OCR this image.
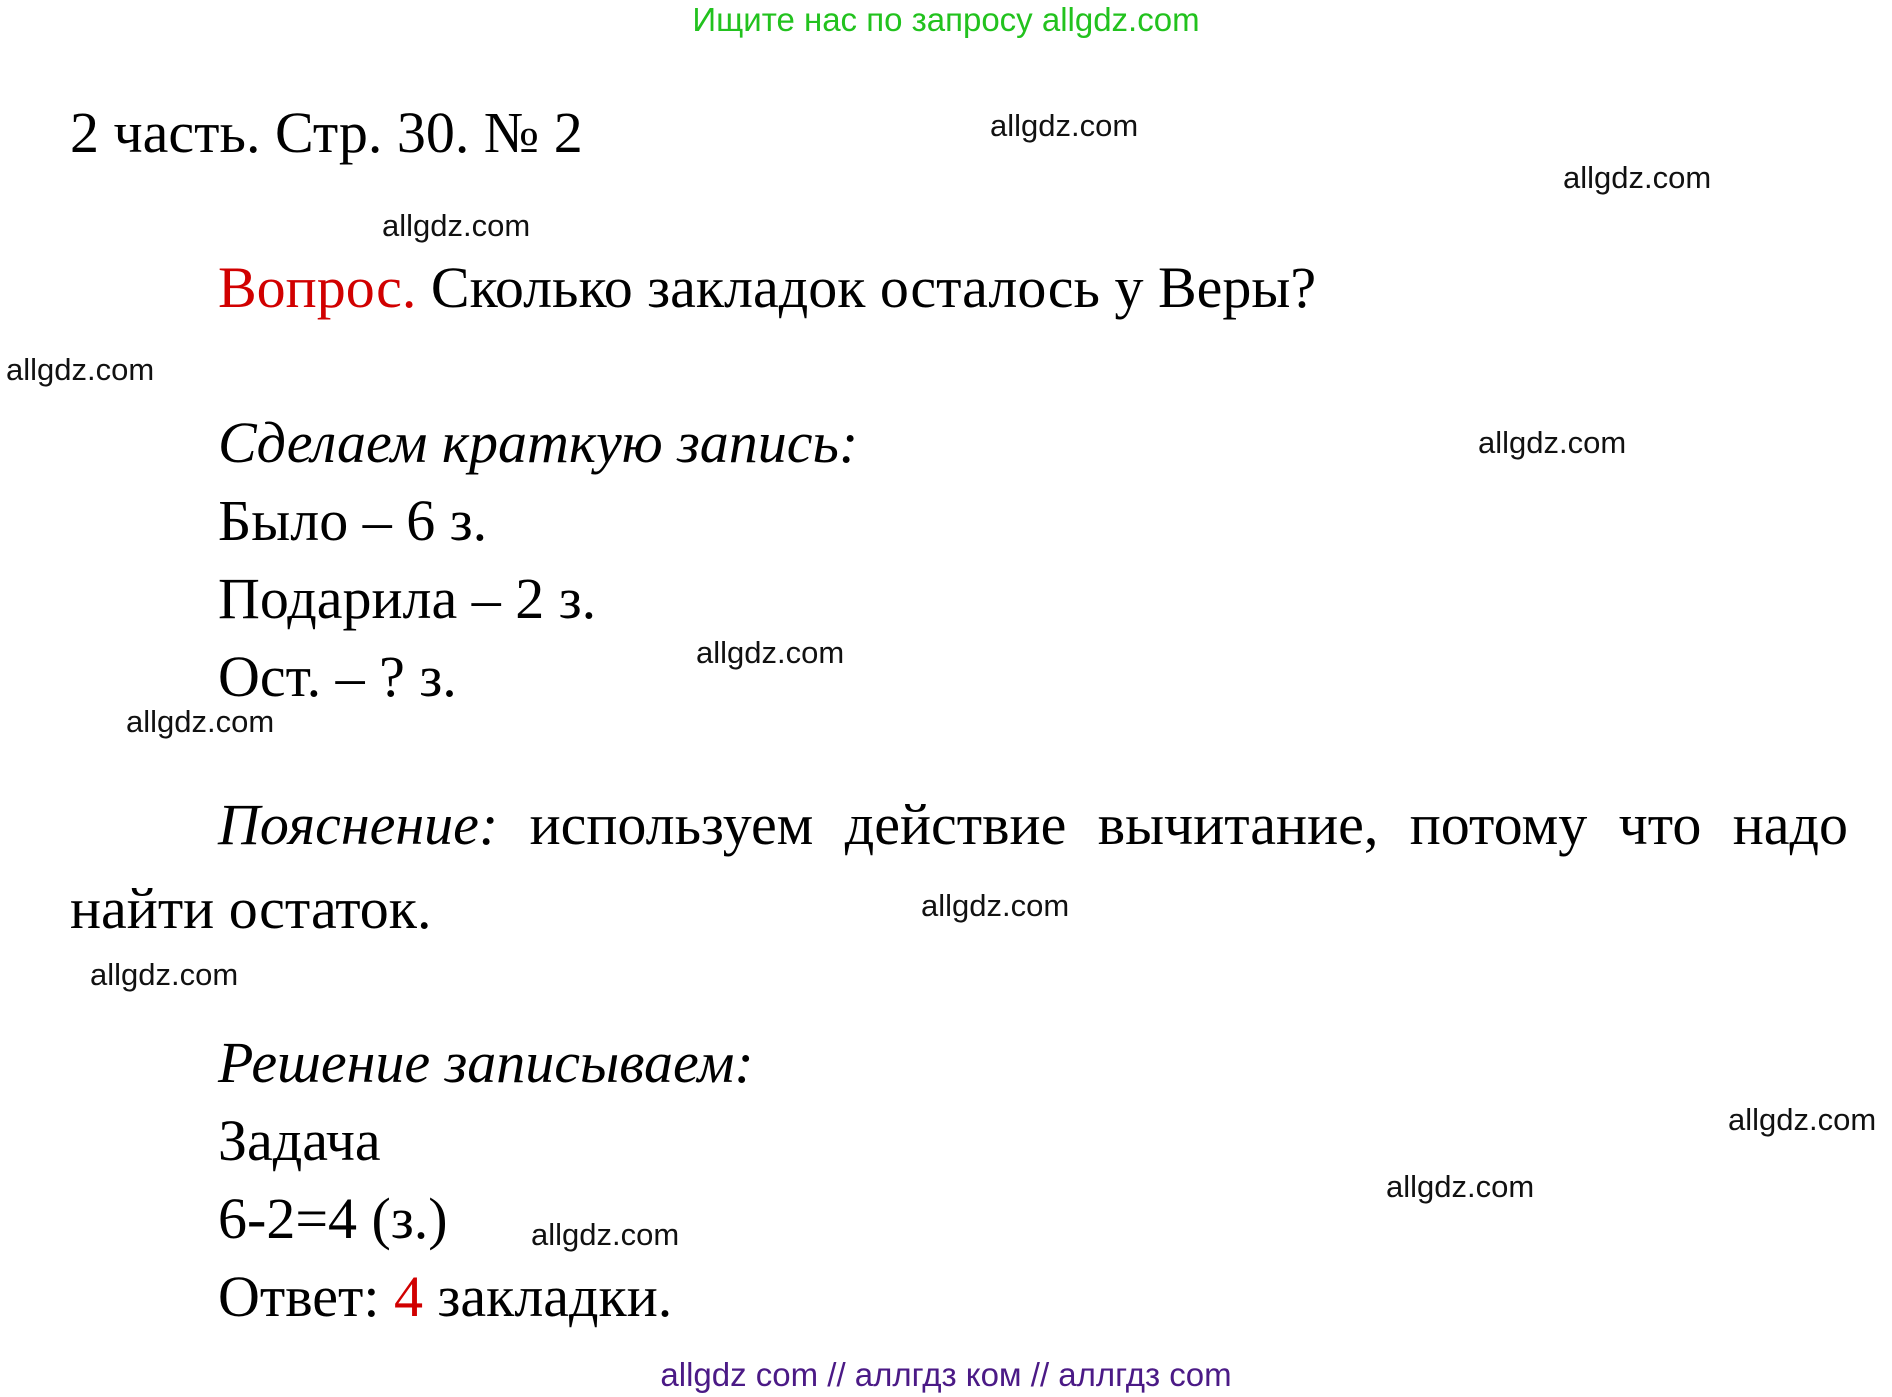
Ищите нас по запросу allgdz.com
2 часть. Стр. 30. № 2
Вопрос. Сколько закладок осталось у Веры?
Сделаем краткую запись:
Было – 6 з.
Подарила – 2 з.
Ост. – ? з.
Пояснение: используем действие вычитание, потому что надо
найти остаток.
Решение записываем:
Задача
6-2=4 (з.)
Ответ: 4 закладки.
allgdz.com
allgdz.com
allgdz.com
allgdz.com
allgdz.com
allgdz.com
allgdz.com
allgdz.com
allgdz.com
allgdz.com
allgdz.com
allgdz.com
allgdz com // аллгдз ком // аллгдз com
